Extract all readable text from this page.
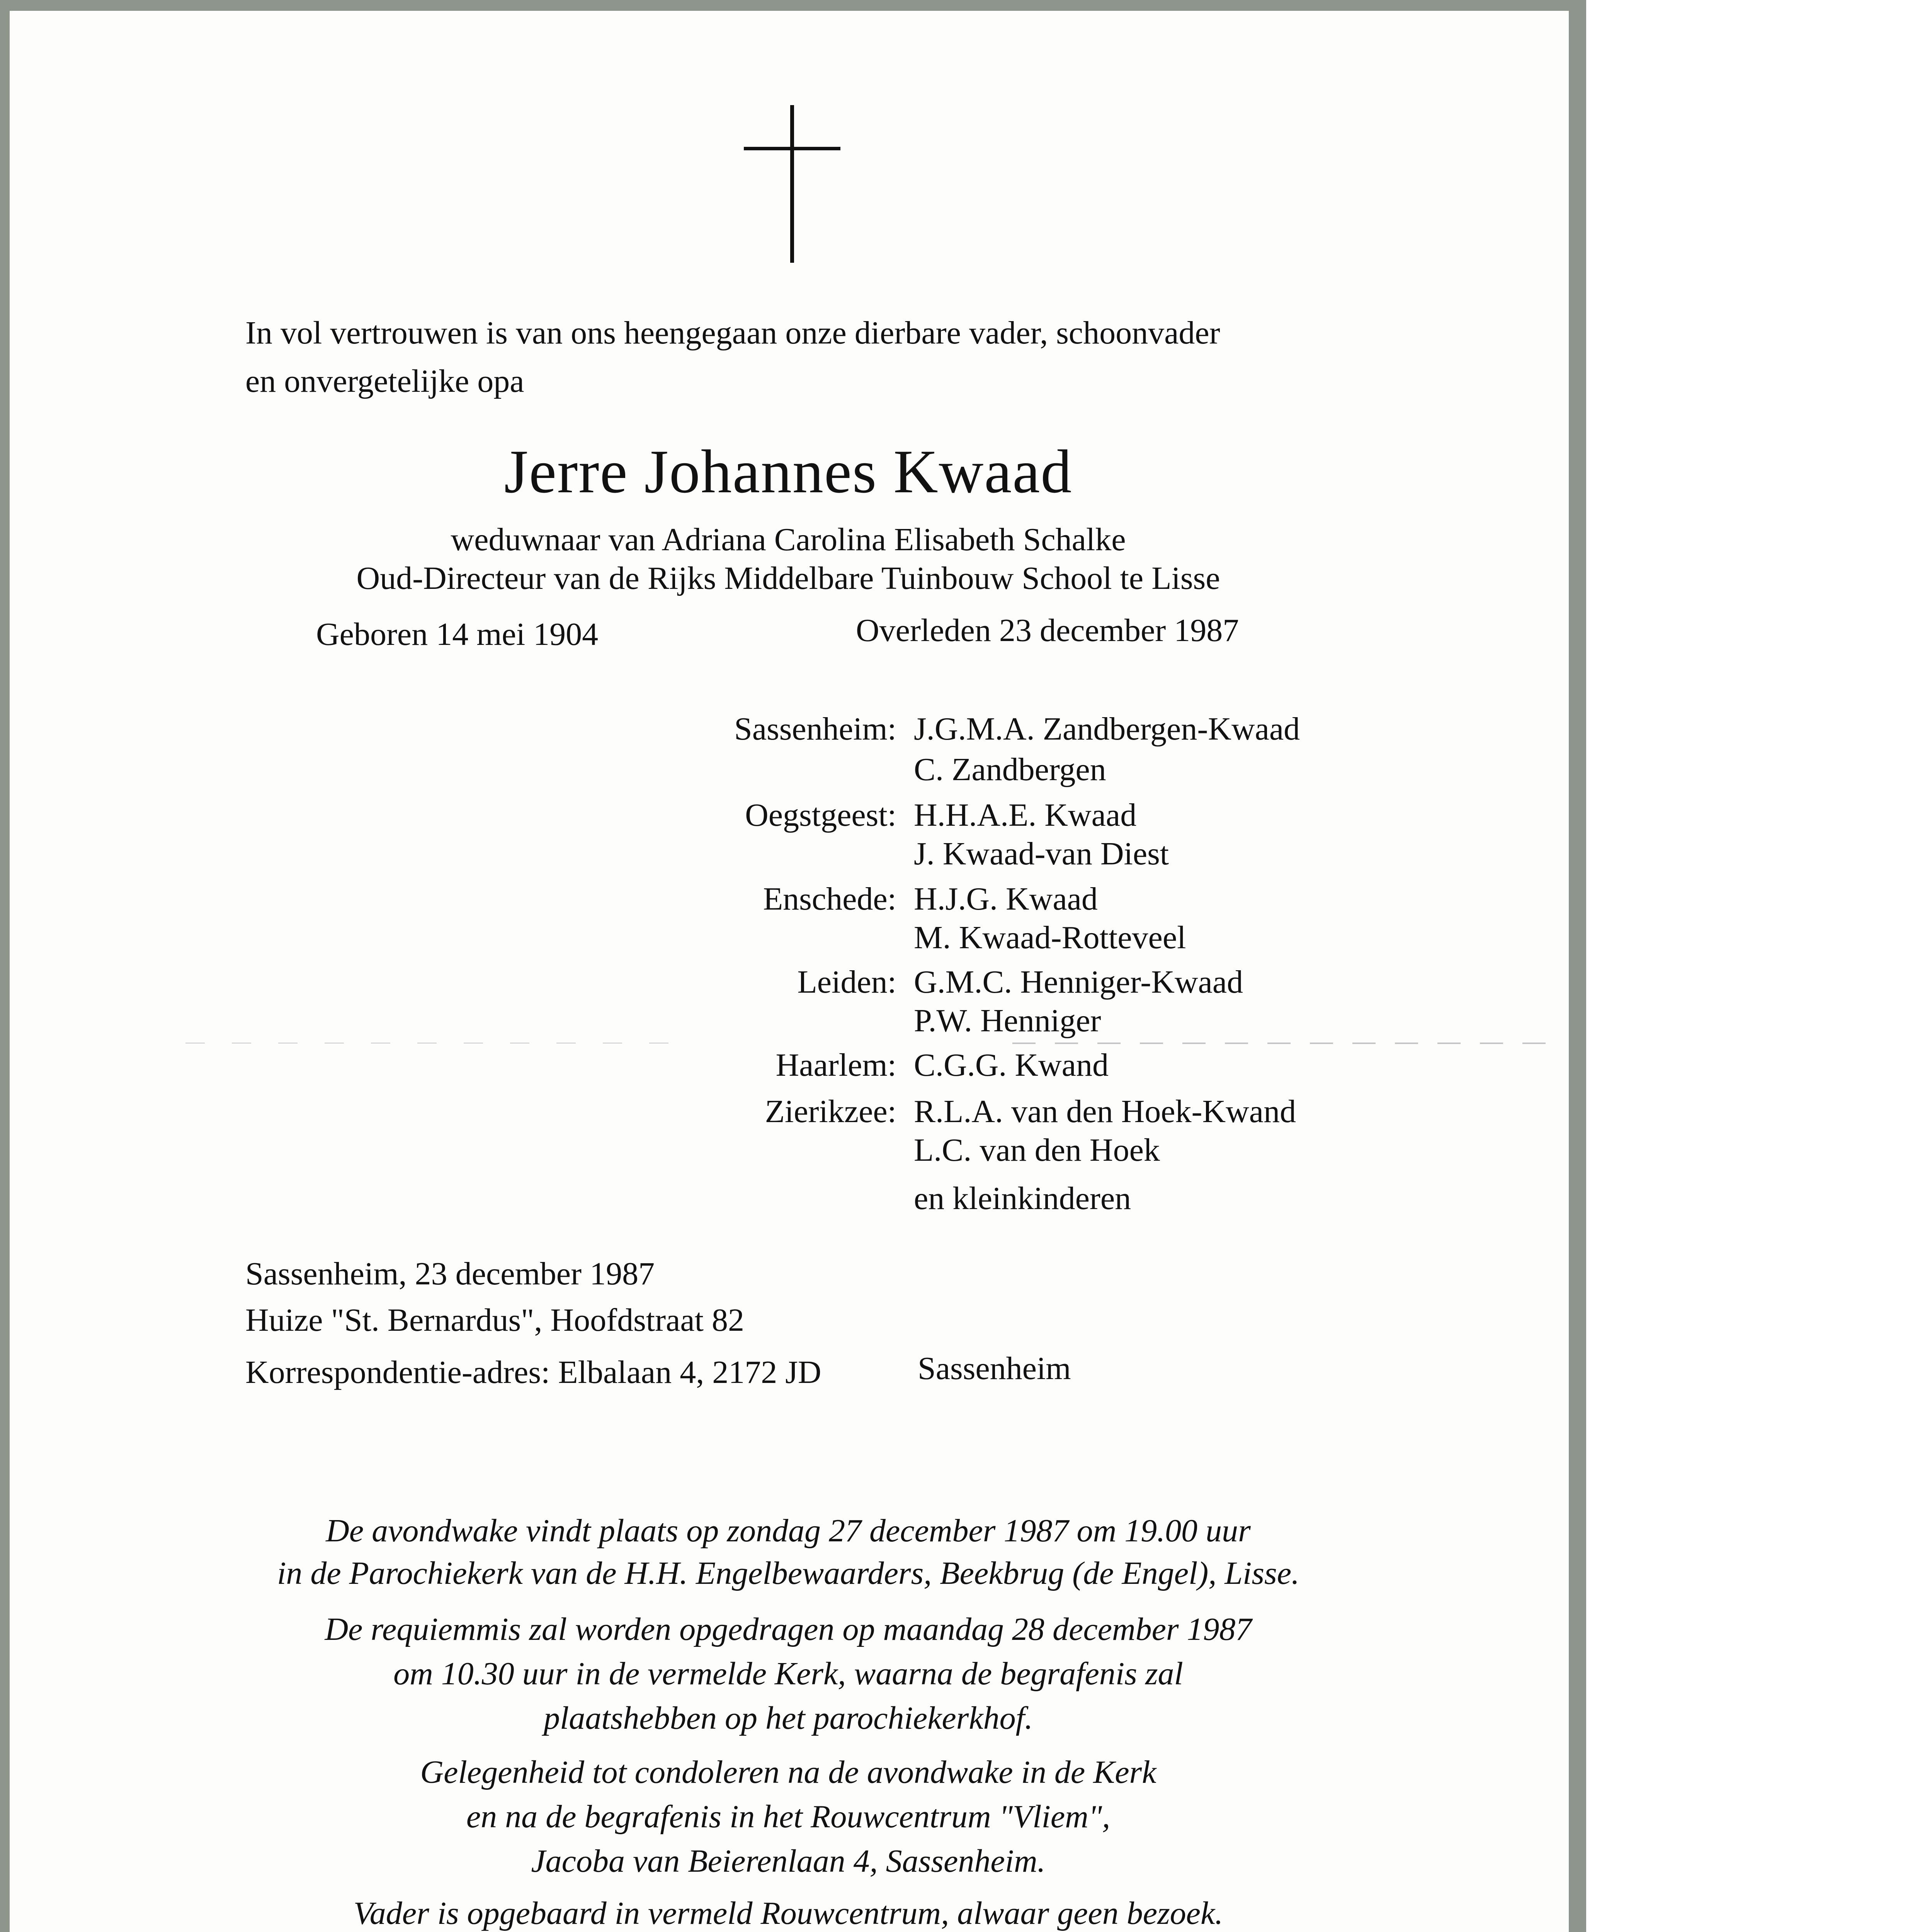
In vol vertrouwen is van ons heengegaan onze dierbare vader, schoonvader
en onvergetelijke opa
Jerre Johannes Kwaad
weduwnaar van Adriana Carolina Elisabeth Schalke
Oud-Directeur van de Rijks Middelbare Tuinbouw School te Lisse
Geboren 14 mei 1904	Overleden 23 december 1987
Sassenheim: J.G.M.A. Zandbergen-Kwaad
C. Zandbergen
Oegstgeest: H.H.A.E. Kwaad
J. Kwaad-van Diest
Enschede: H.J.G. Kwaad
M. Kwaad-Rotteveel
Leiden: G.M.C. Henniger-Kwaad
P.W. Henniger
Haarlem: C.G.G. Kwand
Zierikzee: R.L.A. van den Hoek-Kwand
L.C. van den Hoek
en kleinkinderen
Sassenheim, 23 december 1987
Huize "St. Bernardus", Hoofdstraat 82
Korrespondentie-adres: Elbalaan 4, 2172 JD	Sassenheim
De avondwake vindt plaats op zondag 27 december 1987 om 19.00 uur
in de Parochiekerk van de H.H. Engelbewaarders, Beekbrug (de Engel), Lisse.
De requiemmis zal worden opgedragen op maandag 28 december 1987
om 10.30 uur in de vermelde Kerk, waarna de begrafenis zal
plaatshebben op het parochiekerkhof.
Gelegenheid tot condoleren na de avondwake in de Kerk
en na de begrafenis in het Rouwcentrum "Vliem",
Jacoba van Beierenlaan 4, Sassenheim.
Vader is opgebaard in vermeld Rouwcentrum, alwaar geen bezoek.
